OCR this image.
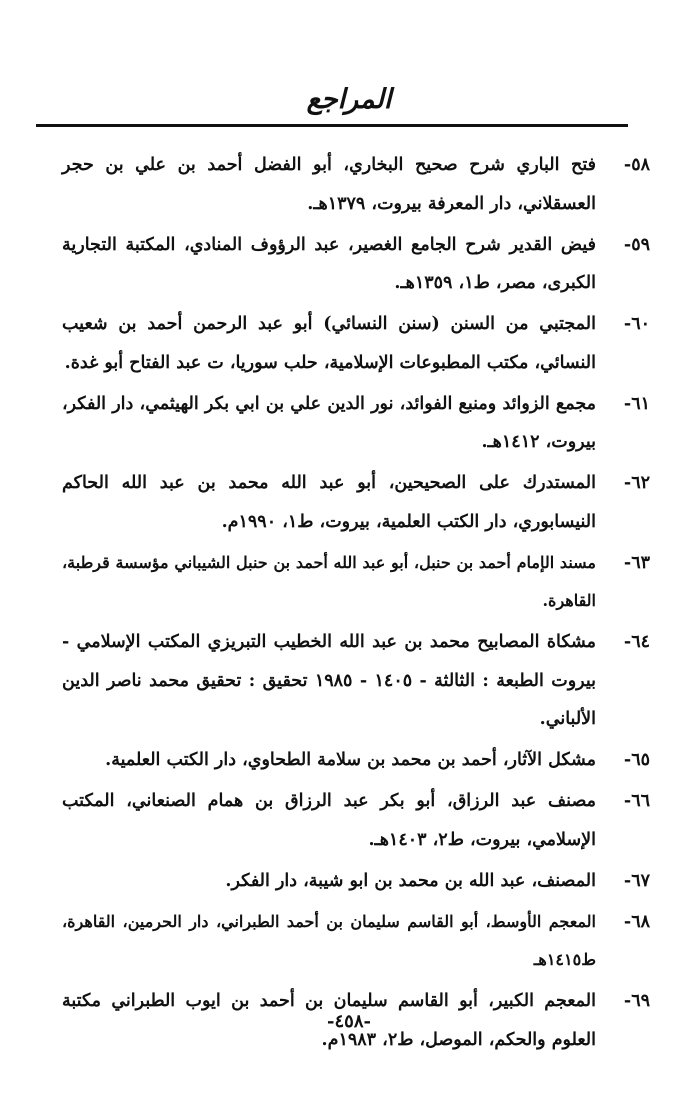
المراجع
٥٨-
فتح الباري شرح صحيح البخاري، أبو الفضل أحمد بن علي بن حجر العسقلاني، دار المعرفة بيروت، ١٣٧٩هـ.
٥٩-
فيض القدير شرح الجامع الغصير، عبد الرؤوف المنادي، المكتبة التجارية الكبرى، مصر، ط١، ١٣٥٩هـ.
٦٠-
المجتبي من السنن (سنن النسائي) أبو عبد الرحمن أحمد بن شعيب النسائي، مكتب المطبوعات الإسلامية، حلب سوريا، ت عبد الفتاح أبو غدة.
٦١-
مجمع الزوائد ومنبع الفوائد، نور الدين علي بن ابي بكر الهيثمي، دار الفكر، بيروت، ١٤١٢هـ.
٦٢-
المستدرك على الصحيحين، أبو عبد الله محمد بن عبد الله الحاكم النيسابوري، دار الكتب العلمية، بيروت، ط١، ١٩٩٠م.
٦٣-
مسند الإمام أحمد بن حنبل، أبو عبد الله أحمد بن حنبل الشيباني مؤسسة قرطبة، القاهرة.
٦٤-
مشكاة المصابيح محمد بن عبد الله الخطيب التبريزي المكتب الإسلامي - بيروت الطبعة : الثالثة - ١٤٠٥ - ١٩٨٥ تحقيق : تحقيق محمد ناصر الدين الألباني.
٦٥-
مشكل الآثار، أحمد بن محمد بن سلامة الطحاوي، دار الكتب العلمية.
٦٦-
مصنف عبد الرزاق، أبو بكر عبد الرزاق بن همام الصنعاني، المكتب الإسلامي، بيروت، ط٢، ١٤٠٣هـ.
٦٧-
المصنف، عبد الله بن محمد بن ابو شيبة، دار الفكر.
٦٨-
المعجم الأوسط، أبو القاسم سليمان بن أحمد الطبراني، دار الحرمين، القاهرة، ط١٤١٥هـ
٦٩-
المعجم الكبير، أبو القاسم سليمان بن أحمد بن ايوب الطبراني مكتبة العلوم والحكم، الموصل، ط٢، ١٩٨٣م.
-٤٥٨-
